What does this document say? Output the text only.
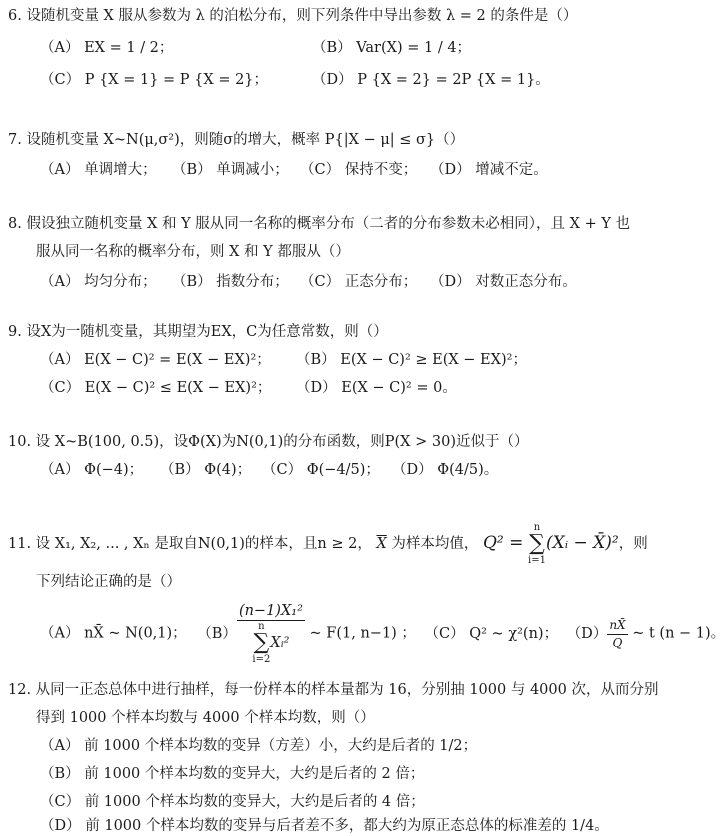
6. 设随机变量 X 服从参数为 λ 的泊松分布，则下列条件中导出参数 λ = 2 的条件是（）
（A） EX = 1 / 2；	（B） Var(X) = 1 / 4；
（C） P {X = 1} = P {X = 2}；	（D） P {X = 2} = 2P {X = 1}。
7. 设随机变量 X~N(μ,σ²)，则随σ的增大，概率 P{|X − μ| ≤ σ}（）
（A） 单调增大； （B） 单调减小； （C） 保持不变； （D） 增减不定。
8. 假设独立随机变量 X 和 Y 服从同一名称的概率分布（二者的分布参数未必相同），且 X + Y 也
服从同一名称的概率分布，则 X 和 Y 都服从（）
（A） 均匀分布； （B） 指数分布； （C） 正态分布； （D） 对数正态分布。
9. 设X为一随机变量，其期望为EX，C为任意常数，则（）
（A） E(X − C)² = E(X − EX)²； （B） E(X − C)² ≥ E(X − EX)²；
（C） E(X − C)² ≤ E(X − EX)²； （D） E(X − C)² = 0。
10. 设 X~B(100, 0.5)，设Φ(X)为N(0,1)的分布函数，则P(X > 30)近似于（）
（A） Φ(−4)； （B） Φ(4)； （C） Φ(−4/5)； （D） Φ(4/5)。
11. 设 X₁, X₂, ... , Xₙ 是取自N(0,1)的样本，且n ≥ 2， $\overline{X}$ 为样本均值， Q² = n
∑
i=1(Xᵢ − X̄)²，则
下列结论正确的是（）
（A） nX̄ ~ N(0,1)； （B） (n−1)X₁²
n
∑
i=2Xᵢ² ~ F(1, n−1) ； （C） Q² ~ χ²(n)； $(D) \frac{nX̄}{Q}$ ~ t (n − 1)。
12. 从同一正态总体中进行抽样，每一份样本的样本量都为 16，分别抽 1000 与 4000 次，从而分别
得到 1000 个样本均数与 4000 个样本均数，则（）
（A） 前 1000 个样本均数的变异（方差）小，大约是后者的 1/2；
（B） 前 1000 个样本均数的变异大，大约是后者的 2 倍；
（C） 前 1000 个样本均数的变异大，大约是后者的 4 倍；
（D） 前 1000 个样本均数的变异与后者差不多，都大约为原正态总体的标准差的 1/4。
